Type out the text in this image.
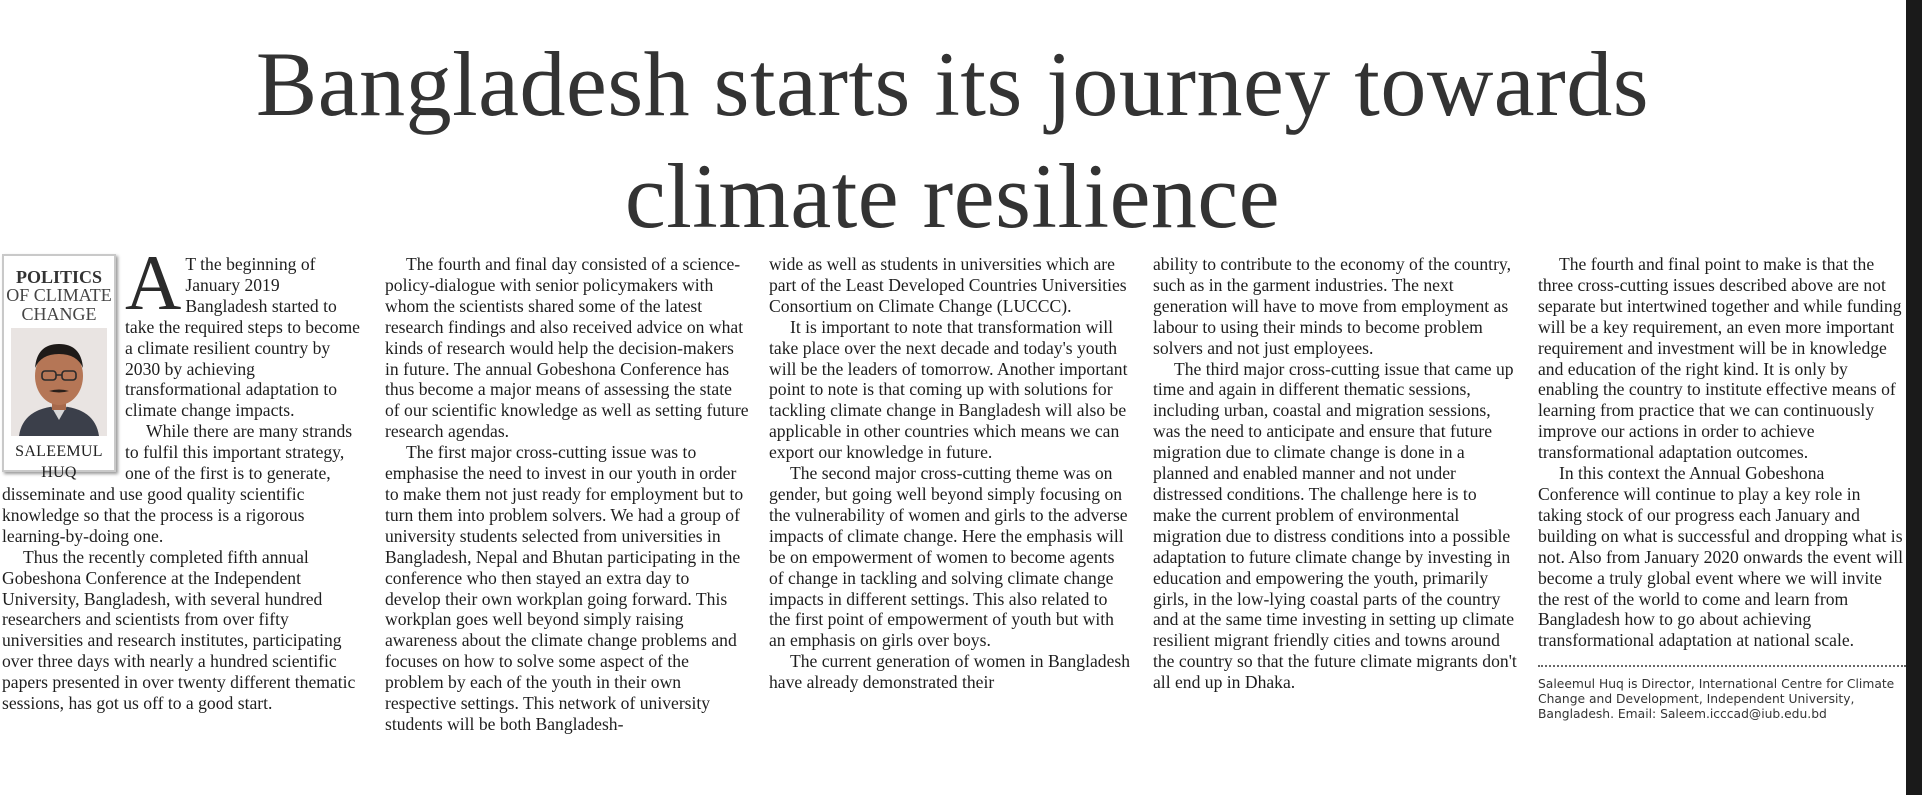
Bangladesh starts its journey towards
climate resilience
POLITICS
OF CLIMATE
CHANGE
SALEEMUL HUQ

A T the beginning of January 2019 Bangladesh started to take the required steps to become a climate resilient country by 2030 by achieving transformational adaptation to climate change impacts.

While there are many strands to fulfil this important strategy, one of the first is to generate, disseminate and use good quality scientific knowledge so that the process is a rigorous learning-by-doing one.

Thus the recently completed fifth annual Gobeshona Conference at the Independent University, Bangladesh, with several hundred researchers and scientists from over fifty universities and research institutes, participating over three days with nearly a hundred scientific papers presented in over twenty different thematic sessions, has got us off to a good start.

The fourth and final day consisted of a science-policy-dialogue with senior policymakers with whom the scientists shared some of the latest research findings and also received advice on what kinds of research would help the decision-makers in future. The annual Gobeshona Conference has thus become a major means of assessing the state of our scientific knowledge as well as setting future research agendas.

The first major cross-cutting issue was to emphasise the need to invest in our youth in order to make them not just ready for employment but to turn them into problem solvers. We had a group of university students selected from universities in Bangladesh, Nepal and Bhutan participating in the conference who then stayed an extra day to develop their own workplan going forward. This workplan goes well beyond simply raising awareness about the climate change problems and focuses on how to solve some aspect of the problem by each of the youth in their own respective settings. This network of university students will be both Bangladesh-

wide as well as students in universities which are part of the Least Developed Countries Universities Consortium on Climate Change (LUCCC).

It is important to note that transformation will take place over the next decade and today's youth will be the leaders of tomorrow. Another important point to note is that coming up with solutions for tackling climate change in Bangladesh will also be applicable in other countries which means we can export our knowledge in future.

The second major cross-cutting theme was on gender, but going well beyond simply focusing on the vulnerability of women and girls to the adverse impacts of climate change. Here the emphasis will be on empowerment of women to become agents of change in tackling and solving climate change impacts in different settings. This also related to the first point of empowerment of youth but with an emphasis on girls over boys.

The current generation of women in Bangladesh have already demonstrated their

ability to contribute to the economy of the country, such as in the garment industries. The next generation will have to move from employment as labour to using their minds to become problem solvers and not just employees.

The third major cross-cutting issue that came up time and again in different thematic sessions, including urban, coastal and migration sessions, was the need to anticipate and ensure that future migration due to climate change is done in a planned and enabled manner and not under distressed conditions. The challenge here is to make the current problem of environmental migration due to distress conditions into a possible adaptation to future climate change by investing in education and empowering the youth, primarily girls, in the low-lying coastal parts of the country and at the same time investing in setting up climate resilient migrant friendly cities and towns around the country so that the future climate migrants don't all end up in Dhaka.

The fourth and final point to make is that the three cross-cutting issues described above are not separate but intertwined together and while funding will be a key requirement, an even more important requirement and investment will be in knowledge and education of the right kind. It is only by enabling the country to institute effective means of learning from practice that we can continuously improve our actions in order to achieve transformational adaptation outcomes.

In this context the Annual Gobeshona Conference will continue to play a key role in taking stock of our progress each January and building on what is successful and dropping what is not. Also from January 2020 onwards the event will become a truly global event where we will invite the rest of the world to come and learn from Bangladesh how to go about achieving transformational adaptation at national scale.

Saleemul Huq is Director, International Centre for Climate Change and Development, Independent University, Bangladesh. Email: Saleem.icccad@iub.edu.bd
